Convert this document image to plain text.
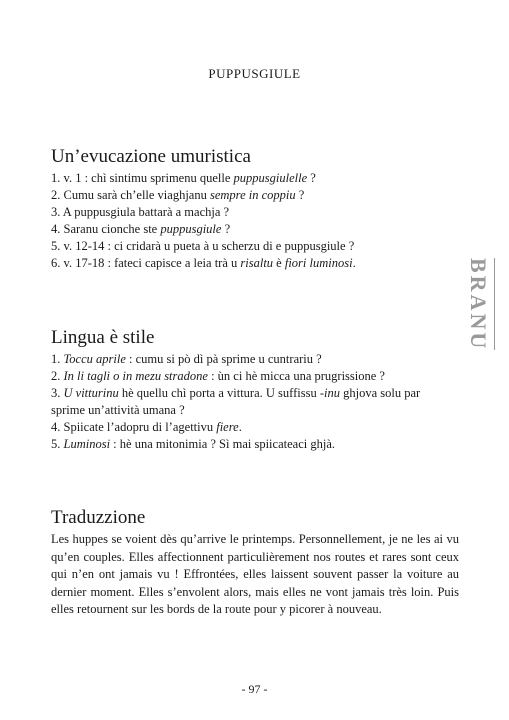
PUPPUSGIULE
BRANU
Un’evucazione umuristica
1. v. 1 : chì sintimu sprimenu quelle puppusgiulelle ?
2. Cumu sarà ch’elle viaghjanu sempre in coppiu ?
3. A puppusgiula battarà a machja ?
4. Saranu cionche ste puppusgiule ?
5. v. 12-14 : ci cridarà u pueta à u scherzu di e puppusgiule ?
6. v. 17-18 : fateci capisce a leia trà u risaltu è fiori luminosi.
Lingua è stile
1. Toccu aprile : cumu si pò dì pà sprime u cuntrariu ?
2. In li tagli o in mezu stradone : ùn ci hè micca una prugrissione ?
3. U vitturinu hè quellu chì porta a vittura. U suffissu -inu ghjova solu par
sprime un’attività umana ?
4. Spiicate l’adopru di l’agettivu fiere.
5. Luminosi : hè una mitonimia ? Sì mai spiicateaci ghjà.
Traduzzione
Les huppes se voient dès qu’arrive le printemps. Personnellement, je ne les ai vu qu’en couples. Elles affectionnent particulièrement nos routes et rares sont ceux qui n’en ont jamais vu ! Effrontées, elles laissent souvent passer la voiture au dernier moment. Elles s’envolent alors, mais elles ne vont jamais très loin. Puis elles retournent sur les bords de la route pour y picorer à nouveau.
- 97 -
